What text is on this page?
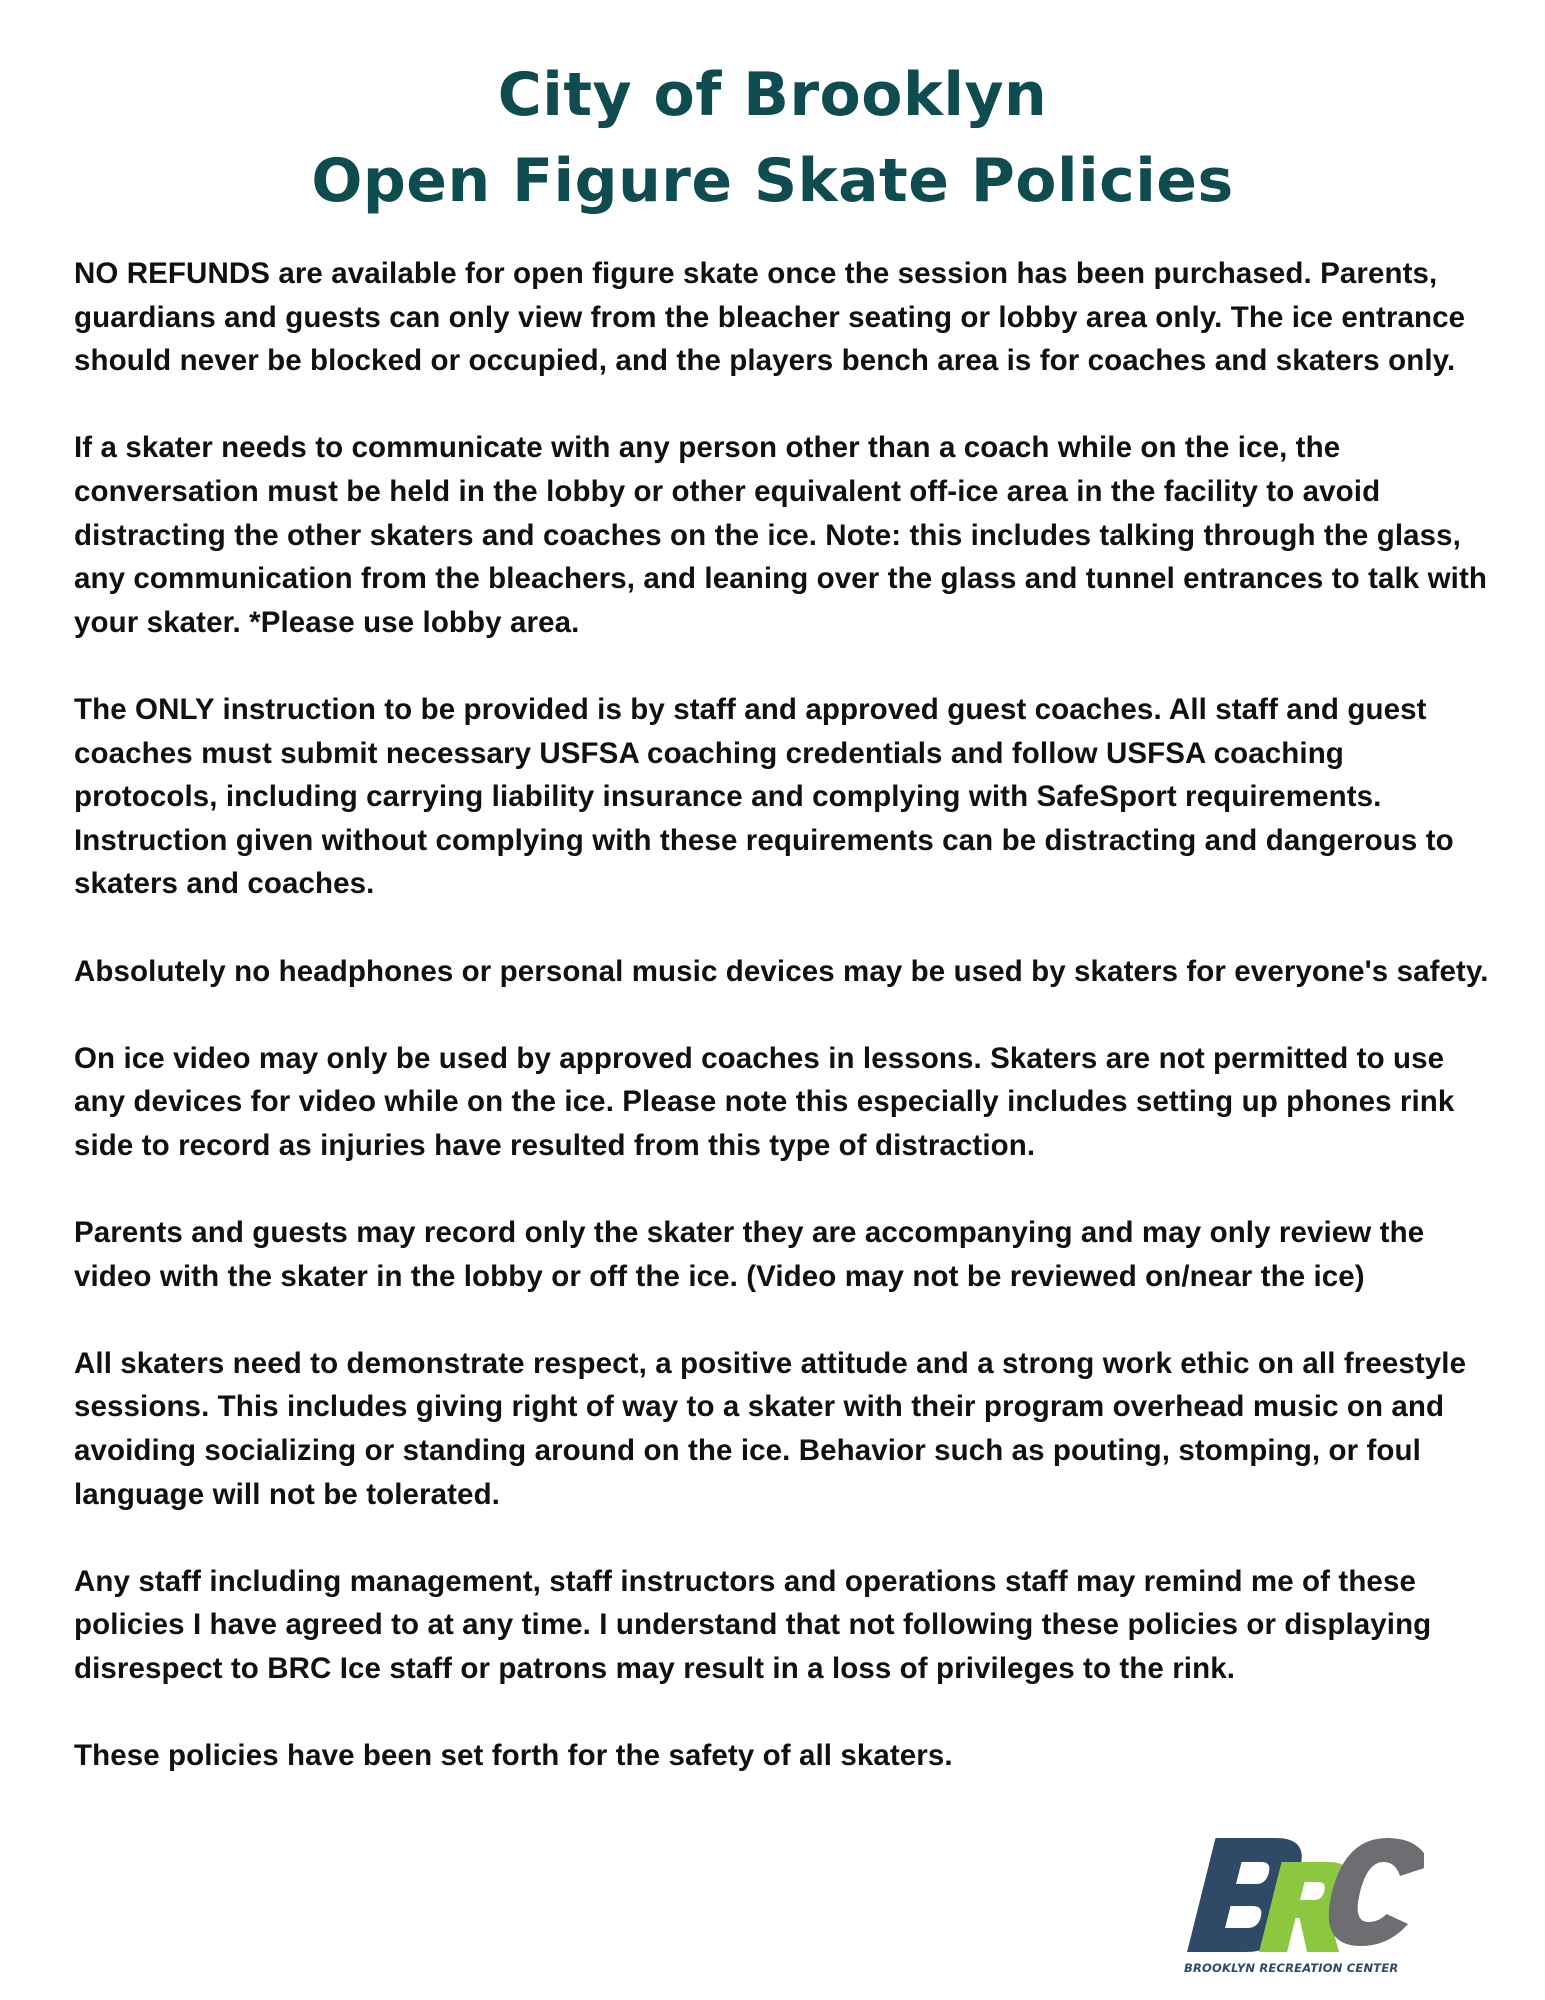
City of Brooklyn
Open Figure Skate Policies

NO REFUNDS are available for open figure skate once the session has been purchased. Parents, guardians and guests can only view from the bleacher seating or lobby area only. The ice entrance should never be blocked or occupied, and the players bench area is for coaches and skaters only.

If a skater needs to communicate with any person other than a coach while on the ice, the conversation must be held in the lobby or other equivalent off-ice area in the facility to avoid distracting the other skaters and coaches on the ice. Note: this includes talking through the glass, any communication from the bleachers, and leaning over the glass and tunnel entrances to talk with your skater. *Please use lobby area.

The ONLY instruction to be provided is by staff and approved guest coaches. All staff and guest coaches must submit necessary USFSA coaching credentials and follow USFSA coaching protocols, including carrying liability insurance and complying with SafeSport requirements. Instruction given without complying with these requirements can be distracting and dangerous to skaters and coaches.

Absolutely no headphones or personal music devices may be used by skaters for everyone's safety.

On ice video may only be used by approved coaches in lessons. Skaters are not permitted to use any devices for video while on the ice. Please note this especially includes setting up phones rink side to record as injuries have resulted from this type of distraction.

Parents and guests may record only the skater they are accompanying and may only review the video with the skater in the lobby or off the ice. (Video may not be reviewed on/near the ice)

All skaters need to demonstrate respect, a positive attitude and a strong work ethic on all freestyle sessions. This includes giving right of way to a skater with their program overhead music on and avoiding socializing or standing around on the ice. Behavior such as pouting, stomping, or foul language will not be tolerated.

Any staff including management, staff instructors and operations staff may remind me of these policies I have agreed to at any time. I understand that not following these policies or displaying disrespect to BRC Ice staff or patrons may result in a loss of privileges to the rink.

These policies have been set forth for the safety of all skaters.

BROOKLYN RECREATION CENTER
